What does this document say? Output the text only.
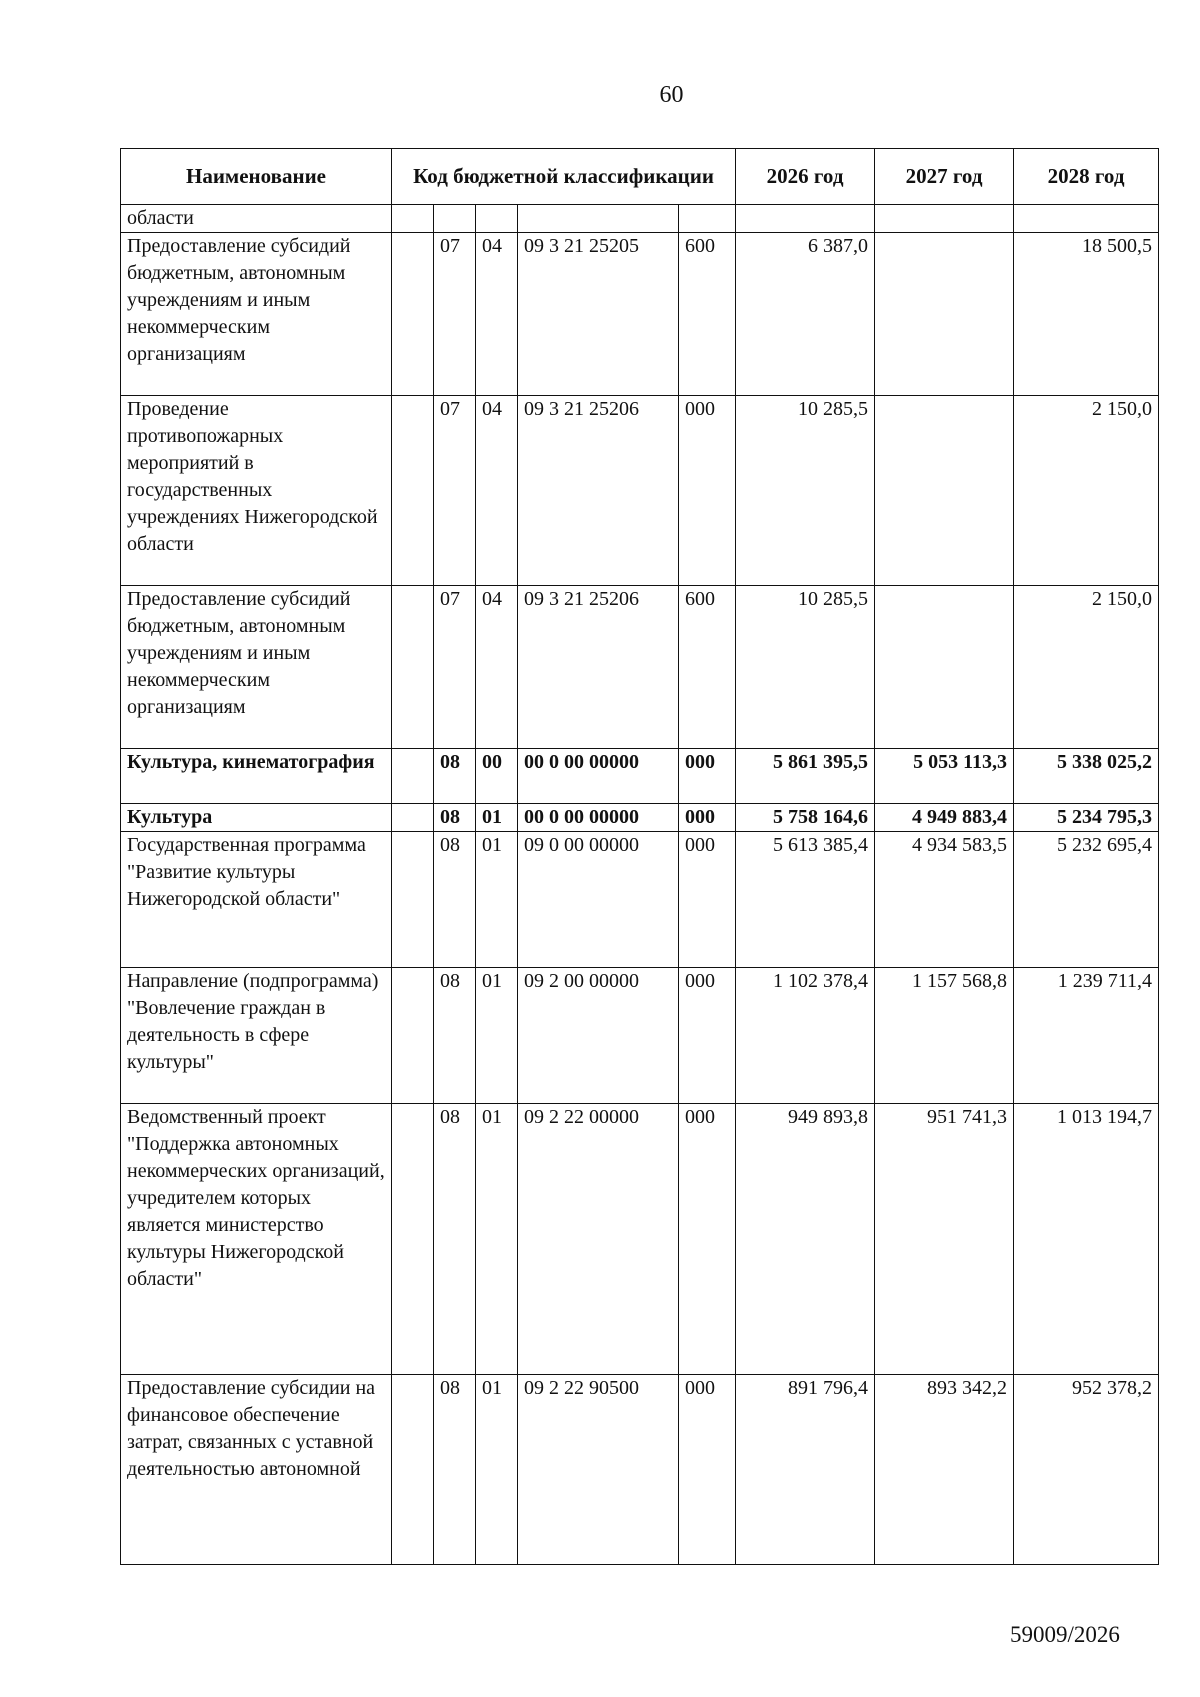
60
Наименование	Код бюджетной классификации					2026 год	2027 год	2028 год
области								
Предоставление субсидий бюджетным, автономным учреждениям и иным некоммерческим организациям		07	04	09 3 21 25205	600	6 387,0		18 500,5
Проведение противопожарных мероприятий в государственных учреждениях Нижегородской области		07	04	09 3 21 25206	000	10 285,5		2 150,0
Предоставление субсидий бюджетным, автономным учреждениям и иным некоммерческим организациям		07	04	09 3 21 25206	600	10 285,5		2 150,0
Культура, кинематография		08	00	00 0 00 00000	000	5 861 395,5	5 053 113,3	5 338 025,2
Культура		08	01	00 0 00 00000	000	5 758 164,6	4 949 883,4	5 234 795,3
Государственная программа "Развитие культуры Нижегородской области"		08	01	09 0 00 00000	000	5 613 385,4	4 934 583,5	5 232 695,4
Направление (подпрограмма) "Вовлечение граждан в деятельность в сфере культуры"		08	01	09 2 00 00000	000	1 102 378,4	1 157 568,8	1 239 711,4
Ведомственный проект "Поддержка автономных некоммерческих организаций, учредителем которых является министерство культуры Нижегородской области"		08	01	09 2 22 00000	000	949 893,8	951 741,3	1 013 194,7
Предоставление субсидии на финансовое обеспечение затрат, связанных с уставной деятельностью автономной		08	01	09 2 22 90500	000	891 796,4	893 342,2	952 378,2
59009/2026
